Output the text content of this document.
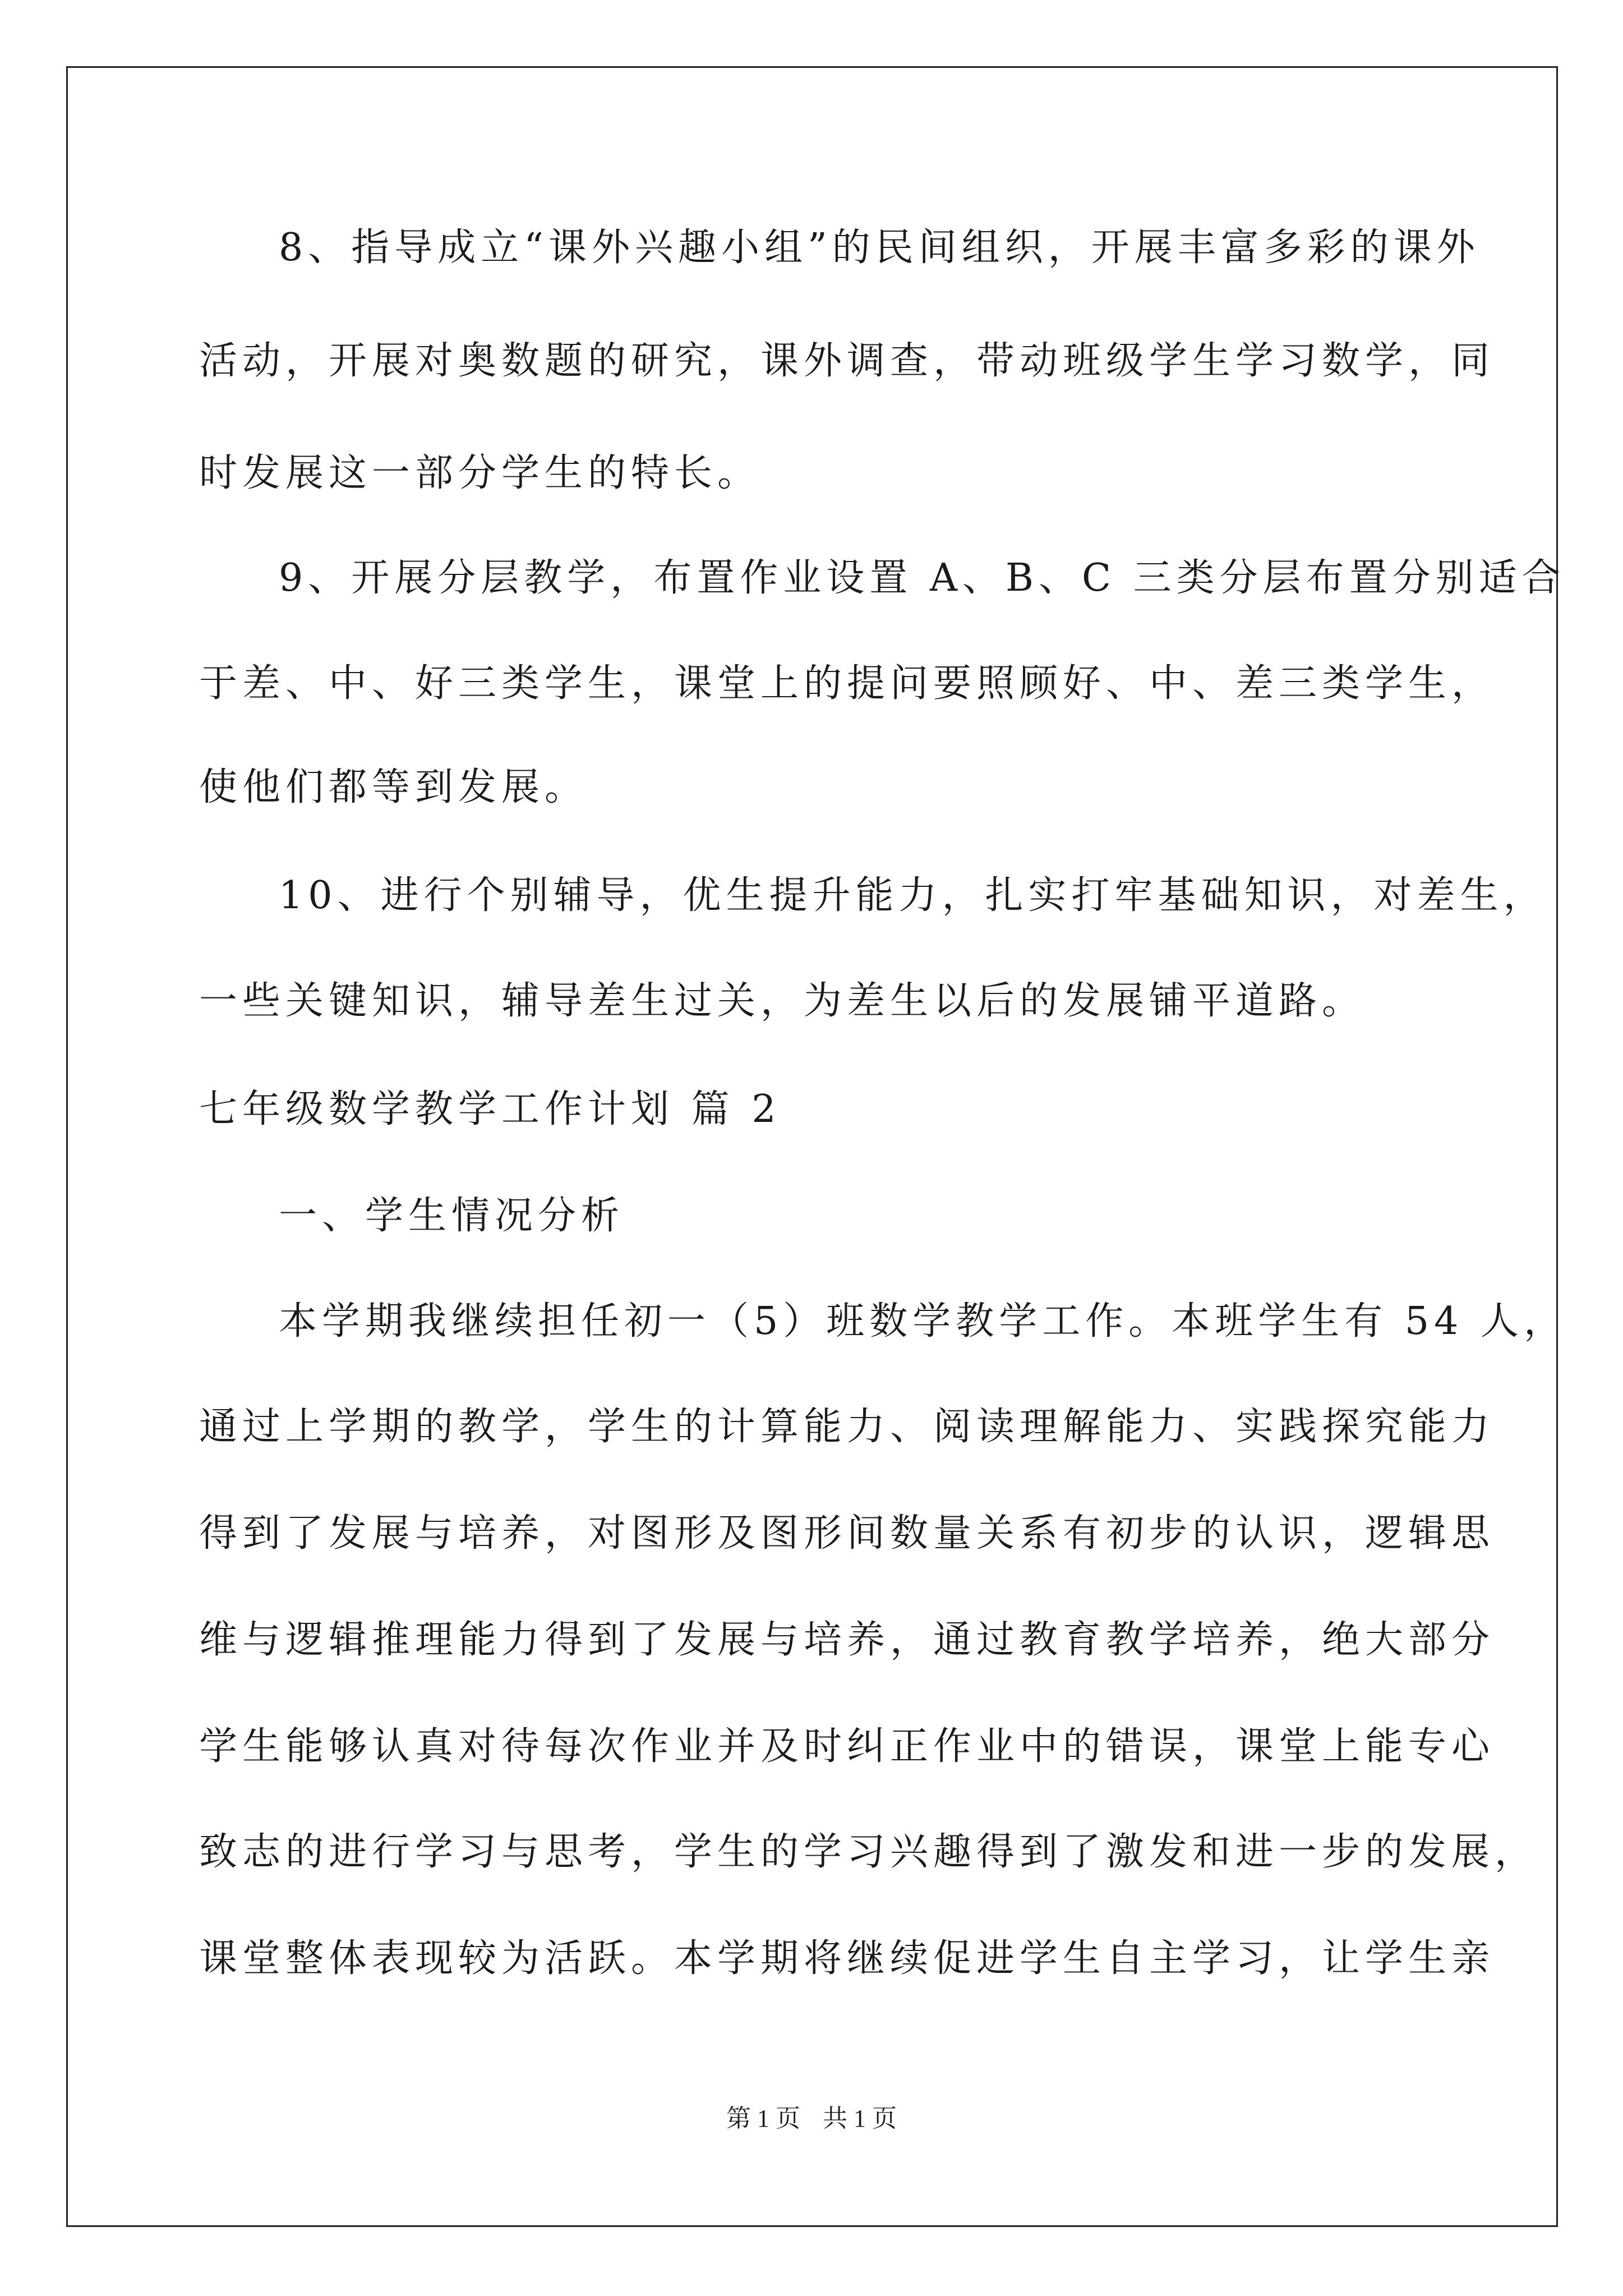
8、指导成立“课外兴趣小组”的民间组织，开展丰富多彩的课外
活动，开展对奥数题的研究，课外调查，带动班级学生学习数学，同
时发展这一部分学生的特长。
9、开展分层教学，布置作业设置 A、B、C 三类分层布置分别适合
于差、中、好三类学生，课堂上的提问要照顾好、中、差三类学生，
使他们都等到发展。
10、进行个别辅导，优生提升能力，扎实打牢基础知识，对差生，
一些关键知识，辅导差生过关，为差生以后的发展铺平道路。
七年级数学教学工作计划 篇 2
一、学生情况分析
本学期我继续担任初一（5）班数学教学工作。本班学生有 54 人，
通过上学期的教学，学生的计算能力、阅读理解能力、实践探究能力
得到了发展与培养，对图形及图形间数量关系有初步的认识，逻辑思
维与逻辑推理能力得到了发展与培养，通过教育教学培养，绝大部分
学生能够认真对待每次作业并及时纠正作业中的错误，课堂上能专心
致志的进行学习与思考，学生的学习兴趣得到了激发和进一步的发展，
课堂整体表现较为活跃。本学期将继续促进学生自主学习，让学生亲
第 1 页 共 1 页
